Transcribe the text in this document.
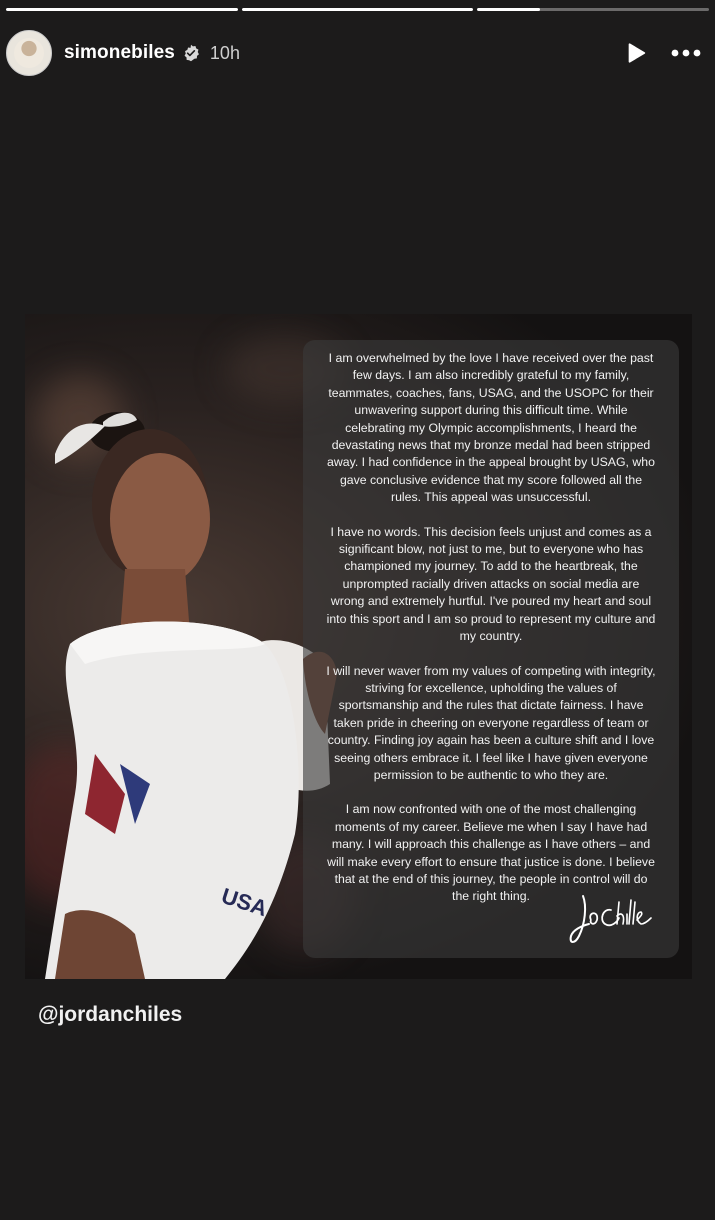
simonebiles 10h
USA

I am overwhelmed by the love I have received over the past few days. I am also incredibly grateful to my family, teammates, coaches, fans, USAG, and the USOPC for their unwavering support during this difficult time. While celebrating my Olympic accomplishments, I heard the devastating news that my bronze medal had been stripped away. I had confidence in the appeal brought by USAG, who gave conclusive evidence that my score followed all the rules. This appeal was unsuccessful.

I have no words. This decision feels unjust and comes as a significant blow, not just to me, but to everyone who has championed my journey. To add to the heartbreak, the unprompted racially driven attacks on social media are wrong and extremely hurtful. I've poured my heart and soul into this sport and I am so proud to represent my culture and my country.

I will never waver from my values of competing with integrity, striving for excellence, upholding the values of sportsmanship and the rules that dictate fairness. I have taken pride in cheering on everyone regardless of team or country. Finding joy again has been a culture shift and I love seeing others embrace it. I feel like I have given everyone permission to be authentic to who they are.

I am now confronted with one of the most challenging moments of my career. Believe me when I say I have had many. I will approach this challenge as I have others – and will make every effort to ensure that justice is done. I believe that at the end of this journey, the people in control will do the right thing.

@jordanchiles
